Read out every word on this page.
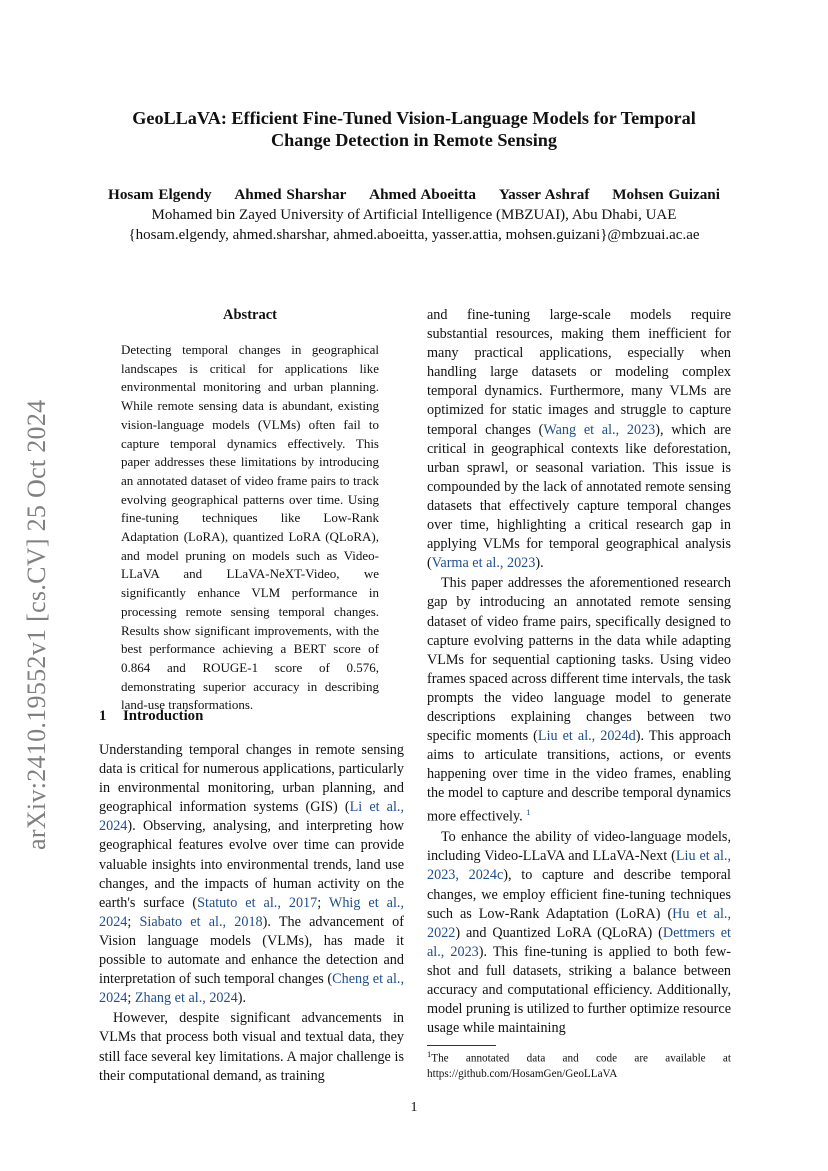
arXiv:2410.19552v1 [cs.CV] 25 Oct 2024
GeoLLaVA: Efficient Fine-Tuned Vision-Language Models for Temporal
Change Detection in Remote Sensing
Hosam Elgendy Ahmed Sharshar Ahmed Aboeitta Yasser Ashraf Mohsen Guizani
Mohamed bin Zayed University of Artificial Intelligence (MBZUAI), Abu Dhabi, UAE
{hosam.elgendy, ahmed.sharshar, ahmed.aboeitta, yasser.attia, mohsen.guizani}@mbzuai.ac.ae
Abstract
Detecting temporal changes in geographical landscapes is critical for applications like environmental monitoring and urban planning. While remote sensing data is abundant, existing vision-language models (VLMs) often fail to capture temporal dynamics effectively. This paper addresses these limitations by introducing an annotated dataset of video frame pairs to track evolving geographical patterns over time. Using fine-tuning techniques like Low-Rank Adaptation (LoRA), quantized LoRA (QLoRA), and model pruning on models such as Video-LLaVA and LLaVA-NeXT-Video, we significantly enhance VLM performance in processing remote sensing temporal changes. Results show significant improvements, with the best performance achieving a BERT score of 0.864 and ROUGE-1 score of 0.576, demonstrating superior accuracy in describing land-use transformations.
1 Introduction

Understanding temporal changes in remote sensing data is critical for numerous applications, particularly in environmental monitoring, urban planning, and geographical information systems (GIS) (Li et al., 2024). Observing, analysing, and interpreting how geographical features evolve over time can provide valuable insights into environmental trends, land use changes, and the impacts of human activity on the earth's surface (Statuto et al., 2017; Whig et al., 2024; Siabato et al., 2018). The advancement of Vision language models (VLMs), has made it possible to automate and enhance the detection and interpretation of such temporal changes (Cheng et al., 2024; Zhang et al., 2024).

However, despite significant advancements in VLMs that process both visual and textual data, they still face several key limitations. A major challenge is their computational demand, as training

and fine-tuning large-scale models require substantial resources, making them inefficient for many practical applications, especially when handling large datasets or modeling complex temporal dynamics. Furthermore, many VLMs are optimized for static images and struggle to capture temporal changes (Wang et al., 2023), which are critical in geographical contexts like deforestation, urban sprawl, or seasonal variation. This issue is compounded by the lack of annotated remote sensing datasets that effectively capture temporal changes over time, highlighting a critical research gap in applying VLMs for temporal geographical analysis (Varma et al., 2023).

This paper addresses the aforementioned research gap by introducing an annotated remote sensing dataset of video frame pairs, specifically designed to capture evolving patterns in the data while adapting VLMs for sequential captioning tasks. Using video frames spaced across different time intervals, the task prompts the video language model to generate descriptions explaining changes between two specific moments (Liu et al., 2024d). This approach aims to articulate transitions, actions, or events happening over time in the video frames, enabling the model to capture and describe temporal dynamics more effectively. $^1$

To enhance the ability of video-language models, including Video-LLaVA and LLaVA-Next (Liu et al., 2023, 2024c), to capture and describe temporal changes, we employ efficient fine-tuning techniques such as Low-Rank Adaptation (LoRA) (Hu et al., 2022) and Quantized LoRA (QLoRA) (Dettmers et al., 2023). This fine-tuning is applied to both few-shot and full datasets, striking a balance between accuracy and computational efficiency. Additionally, model pruning is utilized to further optimize resource usage while maintaining

$^1$The annotated data and code are available at https://github.com/HosamGen/GeoLLaVA
1
